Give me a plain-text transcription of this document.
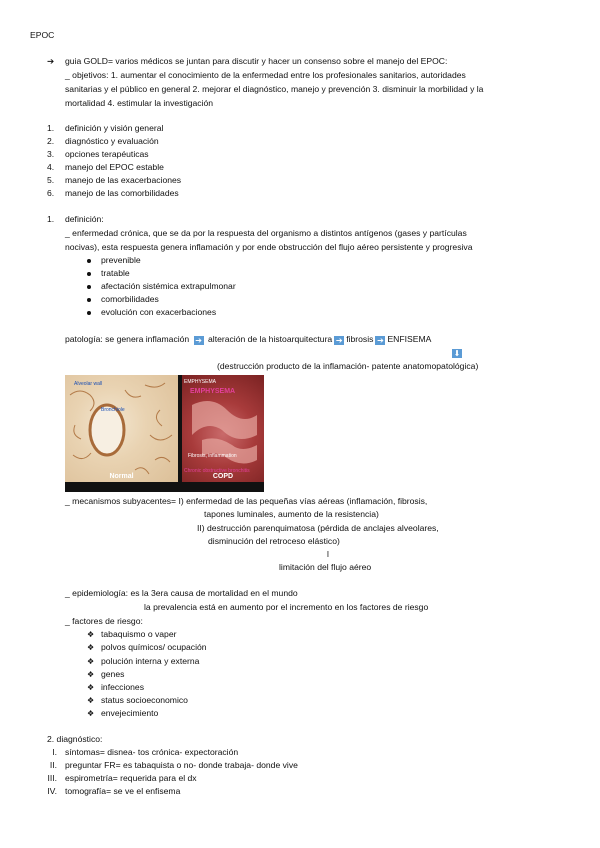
EPOC
➔ guia GOLD= varios médicos se juntan para discutir y hacer un consenso sobre el manejo del EPOC:
_ objetivos: 1. aumentar el conocimiento de la enfermedad entre los profesionales sanitarios, autoridades
sanitarias y el público en general 2. mejorar el diagnóstico, manejo y prevención 3. disminuir la morbilidad y la
mortalidad 4. estimular la investigación
1. definición y visión general
2. diagnóstico y evaluación
3. opciones terapéuticas
4. manejo del EPOC estable
5. manejo de las exacerbaciones
6. manejo de las comorbilidades
1. definición:
_ enfermedad crónica, que se da por la respuesta del organismo a distintos antígenos (gases y partículas
nocivas), esta respuesta genera inflamación y por ende obstrucción del flujo aéreo persistente y progresiva
prevenible
tratable
afectación sistémica extrapulmonar
comorbilidades
evolución con exacerbaciones
patología: se genera inflamación ➔ alteración de la histoarquitectura ➔ fibrosis ➔ ENFISEMA
⬇
(destrucción producto de la inflamación- patente anatomopatológica)
Alveolar wall
Bronchiole
Normal
EMPHYSEMA
EMPHYSEMA
Fibrosis, inflammation
Chronic obstructive bronchitis
COPD
_ mecanismos subyacentes= I) enfermedad de las pequeñas vías aéreas (inflamación, fibrosis,
tapones luminales, aumento de la resistencia)
II) destrucción parenquimatosa (pérdida de anclajes alveolares,
disminución del retroceso elástico)
l
limitación del flujo aéreo
_ epidemiología: es la 3era causa de mortalidad en el mundo
la prevalencia está en aumento por el incremento en los factores de riesgo
_ factores de riesgo:
❖ tabaquismo o vaper
❖ polvos químicos/ ocupación
❖ polución interna y externa
❖ genes
❖ infecciones
❖ status socioeconomico
❖ envejecimiento
2. diagnóstico:
I. síntomas= disnea- tos crónica- expectoración
II. preguntar FR= es tabaquista o no- donde trabaja- donde vive
III. espirometría= requerida para el dx
IV. tomografía= se ve el enfisema
